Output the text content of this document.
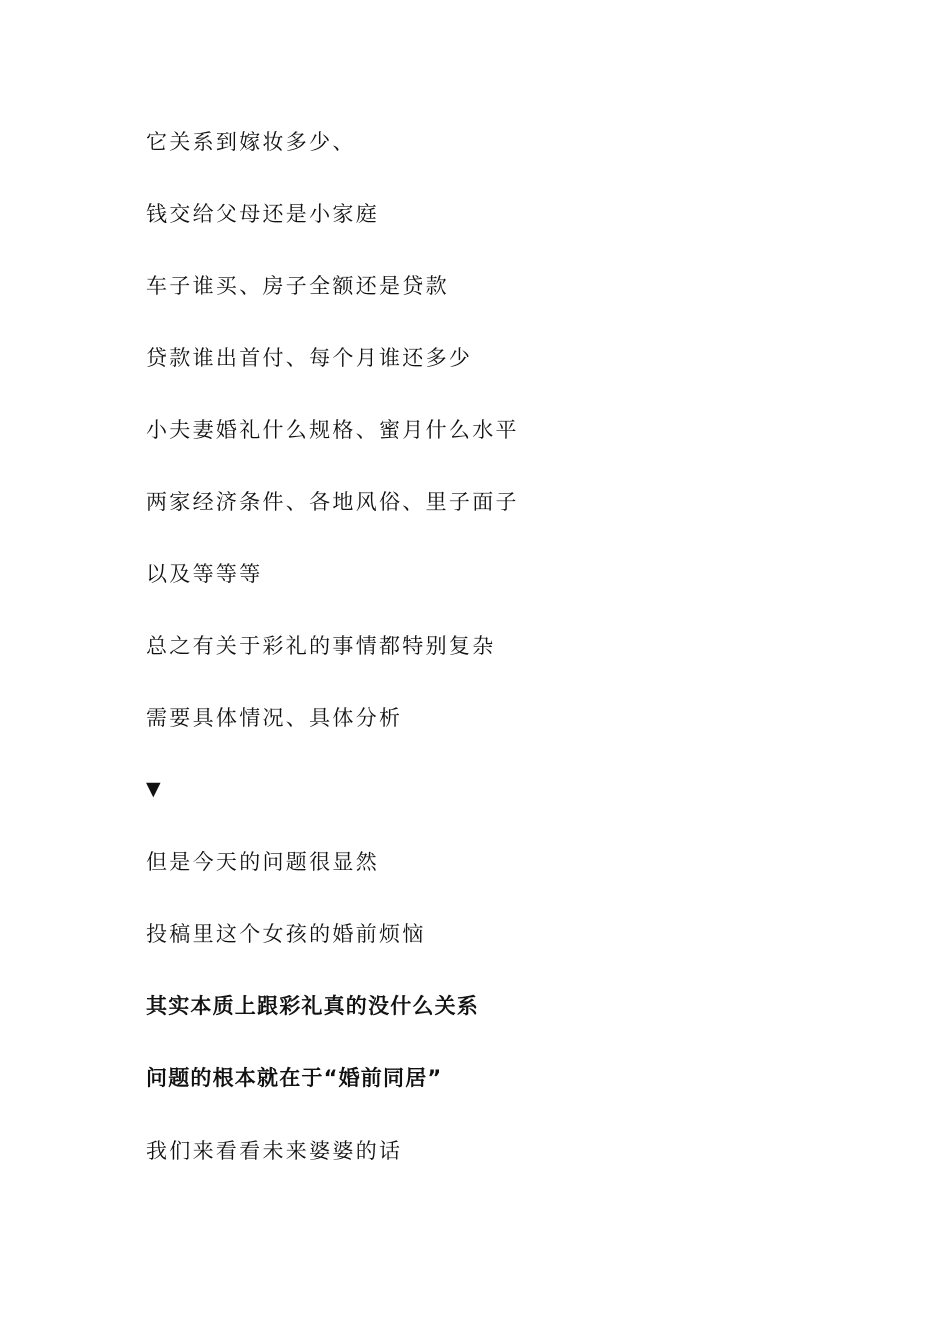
它关系到嫁妆多少、
钱交给父母还是小家庭
车子谁买、房子全额还是贷款
贷款谁出首付、每个月谁还多少
小夫妻婚礼什么规格、蜜月什么水平
两家经济条件、各地风俗、里子面子
以及等等等
总之有关于彩礼的事情都特别复杂
需要具体情况、具体分析
▼
但是今天的问题很显然
投稿里这个女孩的婚前烦恼
其实本质上跟彩礼真的没什么关系
问题的根本就在于“婚前同居”
我们来看看未来婆婆的话
